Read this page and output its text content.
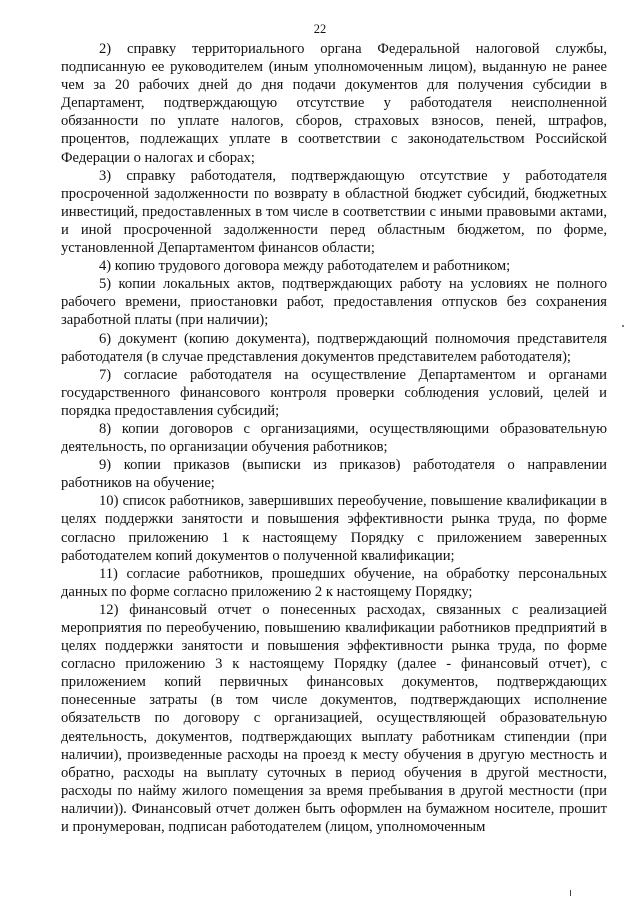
22

2) справку территориального органа Федеральной налоговой службы, подписанную ее руководителем (иным уполномоченным лицом), выданную не ранее чем за 20 рабочих дней до дня подачи документов для получения субсидии в Департамент, подтверждающую отсутствие у работодателя неисполненной обязанности по уплате налогов, сборов, страховых взносов, пеней, штрафов, процентов, подлежащих уплате в соответствии с законодательством Российской Федерации о налогах и сборах;

3) справку работодателя, подтверждающую отсутствие у работодателя просроченной задолженности по возврату в областной бюджет субсидий, бюджетных инвестиций, предоставленных в том числе в соответствии с иными правовыми актами, и иной просроченной задолженности перед областным бюджетом, по форме, установленной Департаментом финансов области;

4) копию трудового договора между работодателем и работником;

5) копии локальных актов, подтверждающих работу на условиях не полного рабочего времени, приостановки работ, предоставления отпусков без сохранения заработной платы (при наличии);

6) документ (копию документа), подтверждающий полномочия представителя работодателя (в случае представления документов представителем работодателя);

7) согласие работодателя на осуществление Департаментом и органами государственного финансового контроля проверки соблюдения условий, целей и порядка предоставления субсидий;

8) копии договоров с организациями, осуществляющими образовательную деятельность, по организации обучения работников;

9) копии приказов (выписки из приказов) работодателя о направлении работников на обучение;

10) список работников, завершивших переобучение, повышение квалификации в целях поддержки занятости и повышения эффективности рынка труда, по форме согласно приложению 1 к настоящему Порядку с приложением заверенных работодателем копий документов о полученной квалификации;

11) согласие работников, прошедших обучение, на обработку персональных данных по форме согласно приложению 2 к настоящему Порядку;

12) финансовый отчет о понесенных расходах, связанных с реализацией мероприятия по переобучению, повышению квалификации работников предприятий в целях поддержки занятости и повышения эффективности рынка труда, по форме согласно приложению 3 к настоящему Порядку (далее - финансовый отчет), с приложением копий первичных финансовых документов, подтверждающих понесенные затраты (в том числе документов, подтверждающих исполнение обязательств по договору с организацией, осуществляющей образовательную деятельность, документов, подтверждающих выплату работникам стипендии (при наличии), произведенные расходы на проезд к месту обучения в другую местность и обратно, расходы на выплату суточных в период обучения в другой местности, расходы по найму жилого помещения за время пребывания в другой местности (при наличии)). Финансовый отчет должен быть оформлен на бумажном носителе, прошит и пронумерован, подписан работодателем (лицом, уполномоченным
